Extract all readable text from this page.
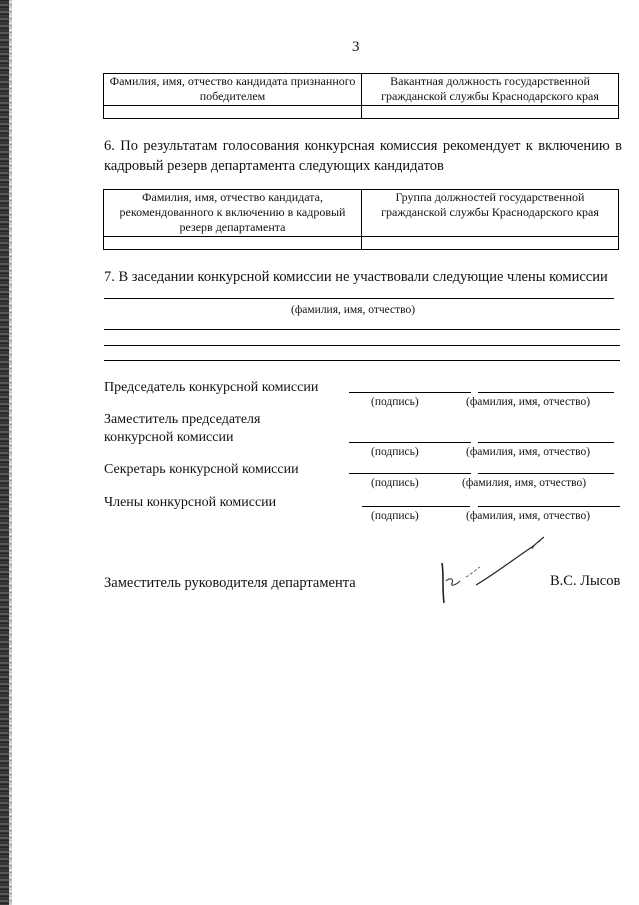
3
Фамилия, имя, отчество кандидата признанного победителем	Вакантная должность государственной гражданской службы Краснодарского края

6. По результатам голосования конкурсная комиссия рекомендует к включению в кадровый резерв департамента следующих кандидатов
Фамилия, имя, отчество кандидата, рекомендованного к включению в кадровый резерв департамента	Группа должностей государственной гражданской службы Краснодарского края

7. В заседании конкурсной комиссии не участвовали следующие члены комиссии
(фамилия, имя, отчество)
Председатель конкурсной комиссии
(подпись)	(фамилия, имя, отчество)
Заместитель председателя
конкурсной комиссии
(подпись)	(фамилия, имя, отчество)
Секретарь конкурсной комиссии
(подпись)	(фамилия, имя, отчество)
Члены конкурсной комиссии
(подпись)	(фамилия, имя, отчество)
Заместитель руководителя департамента	В.С. Лысов
